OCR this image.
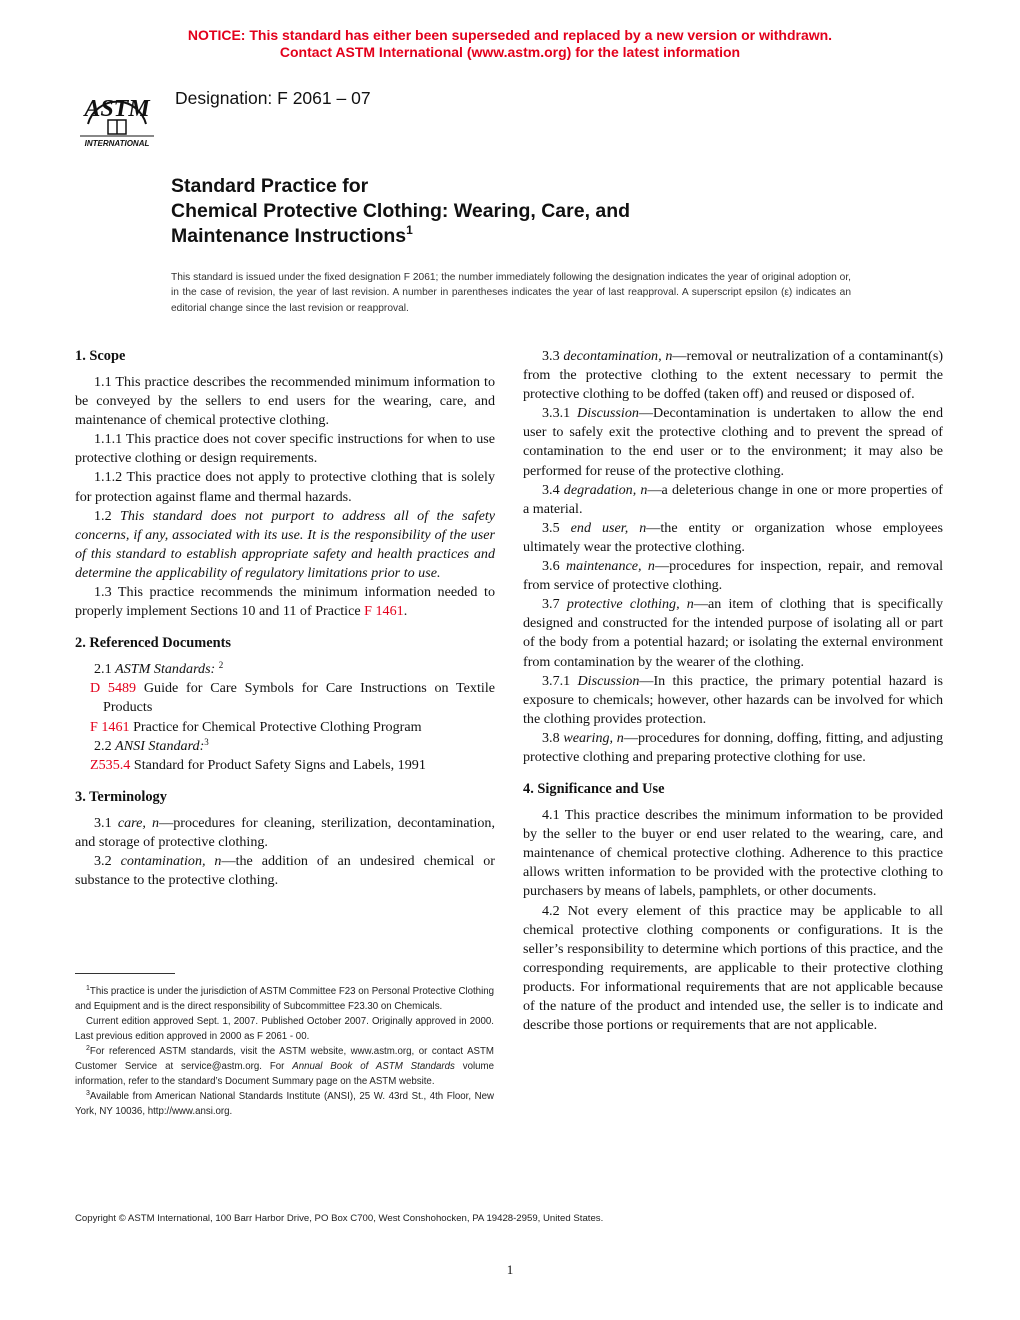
NOTICE: This standard has either been superseded and replaced by a new version or withdrawn.
Contact ASTM International (www.astm.org) for the latest information
ASTM
INTERNATIONAL
Designation: F 2061 – 07
Standard Practice for
Chemical Protective Clothing: Wearing, Care, and
Maintenance Instructions$^1$
This standard is issued under the fixed designation F 2061; the number immediately following the designation indicates the year of original adoption or, in the case of revision, the year of last revision. A number in parentheses indicates the year of last reapproval. A superscript epsilon (ε) indicates an editorial change since the last revision or reapproval.
1. Scope

1.1 This practice describes the recommended minimum information to be conveyed by the sellers to end users for the wearing, care, and maintenance of chemical protective clothing.

1.1.1 This practice does not cover specific instructions for when to use protective clothing or design requirements.

1.1.2 This practice does not apply to protective clothing that is solely for protection against flame and thermal hazards.

1.2 This standard does not purport to address all of the safety concerns, if any, associated with its use. It is the responsibility of the user of this standard to establish appropriate safety and health practices and determine the applicability of regulatory limitations prior to use.

1.3 This practice recommends the minimum information needed to properly implement Sections 10 and 11 of Practice F 1461.

2. Referenced Documents

2.1 ASTM Standards: $^2$

D 5489 Guide for Care Symbols for Care Instructions on Textile Products

F 1461 Practice for Chemical Protective Clothing Program

2.2 ANSI Standard:$^3$

Z535.4 Standard for Product Safety Signs and Labels, 1991

3. Terminology

3.1 care, n—procedures for cleaning, sterilization, decontamination, and storage of protective clothing.

3.2 contamination, n—the addition of an undesired chemical or substance to the protective clothing.

3.3 decontamination, n—removal or neutralization of a contaminant(s) from the protective clothing to the extent necessary to permit the protective clothing to be doffed (taken off) and reused or disposed of.

3.3.1 Discussion—Decontamination is undertaken to allow the end user to safely exit the protective clothing and to prevent the spread of contamination to the end user or to the environment; it may also be performed for reuse of the protective clothing.

3.4 degradation, n—a deleterious change in one or more properties of a material.

3.5 end user, n—the entity or organization whose employees ultimately wear the protective clothing.

3.6 maintenance, n—procedures for inspection, repair, and removal from service of protective clothing.

3.7 protective clothing, n—an item of clothing that is specifically designed and constructed for the intended purpose of isolating all or part of the body from a potential hazard; or isolating the external environment from contamination by the wearer of the clothing.

3.7.1 Discussion—In this practice, the primary potential hazard is exposure to chemicals; however, other hazards can be involved for which the clothing provides protection.

3.8 wearing, n—procedures for donning, doffing, fitting, and adjusting protective clothing and preparing protective clothing for use.

4. Significance and Use

4.1 This practice describes the minimum information to be provided by the seller to the buyer or end user related to the wearing, care, and maintenance of chemical protective clothing. Adherence to this practice allows written information to be provided with the protective clothing to purchasers by means of labels, pamphlets, or other documents.

4.2 Not every element of this practice may be applicable to all chemical protective clothing components or configurations. It is the seller’s responsibility to determine which portions of this practice, and the corresponding requirements, are applicable to their protective clothing products. For informational requirements that are not applicable because of the nature of the product and intended use, the seller is to indicate and describe those portions or requirements that are not applicable.

$^1$This practice is under the jurisdiction of ASTM Committee F23 on Personal Protective Clothing and Equipment and is the direct responsibility of Subcommittee F23.30 on Chemicals.

Current edition approved Sept. 1, 2007. Published October 2007. Originally approved in 2000. Last previous edition approved in 2000 as F 2061 - 00.

$^2$For referenced ASTM standards, visit the ASTM website, www.astm.org, or contact ASTM Customer Service at service@astm.org. For Annual Book of ASTM Standards volume information, refer to the standard’s Document Summary page on the ASTM website.

$^3$Available from American National Standards Institute (ANSI), 25 W. 43rd St., 4th Floor, New York, NY 10036, http://www.ansi.org.

Copyright © ASTM International, 100 Barr Harbor Drive, PO Box C700, West Conshohocken, PA 19428-2959, United States.
1
